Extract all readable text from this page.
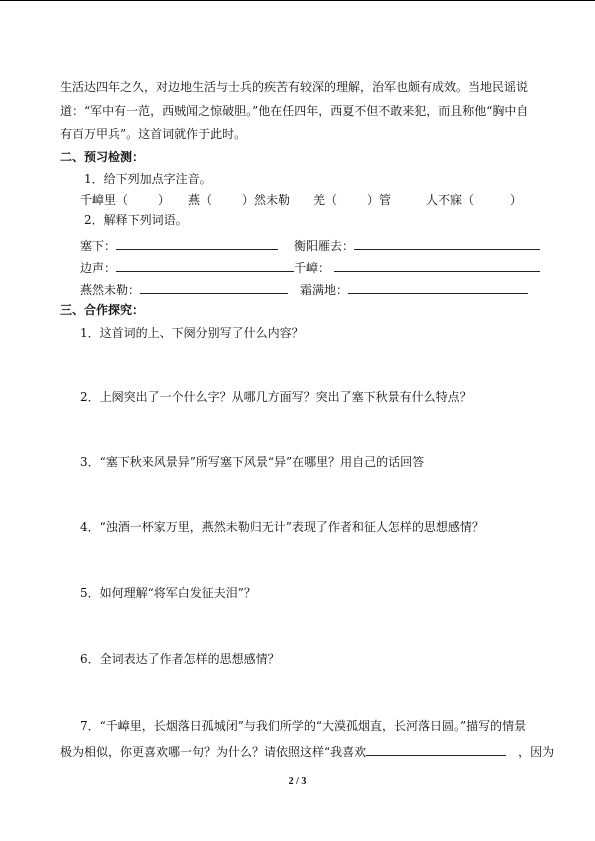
生活达四年之久，对边地生活与士兵的疾苦有较深的理解，治军也颇有成效。当地民谣说
道：“军中有一范，西贼闻之惊破胆。”他在任四年，西夏不但不敢来犯，而且称他“胸中自
有百万甲兵”。这首词就作于此时。
二、预习检测：
1．给下列加点字注音。
千嶂里（	） 燕（	）然未勒 羌（	）管	人不寐（	）
2．解释下列词语。
塞下：	衡阳雁去：
边声：	千嶂：
燕然未勒：	霜满地：
三、合作探究：
1．这首词的上、下阕分别写了什么内容？
2．上阕突出了一个什么字？从哪几方面写？突出了塞下秋景有什么特点？
3．“塞下秋来风景异”所写塞下风景“异”在哪里？用自己的话回答
4．“浊酒一杯家万里，燕然未勒归无计”表现了作者和征人怎样的思想感情？
5．如何理解“将军白发征夫泪”？
6．全词表达了作者怎样的思想感情？
7．“千嶂里，长烟落日孤城闭”与我们所学的“大漠孤烟直，长河落日圆。”描写的情景
极为相似，你更喜欢哪一句？为什么？请依照这样“我喜欢	，因为
2 / 3
